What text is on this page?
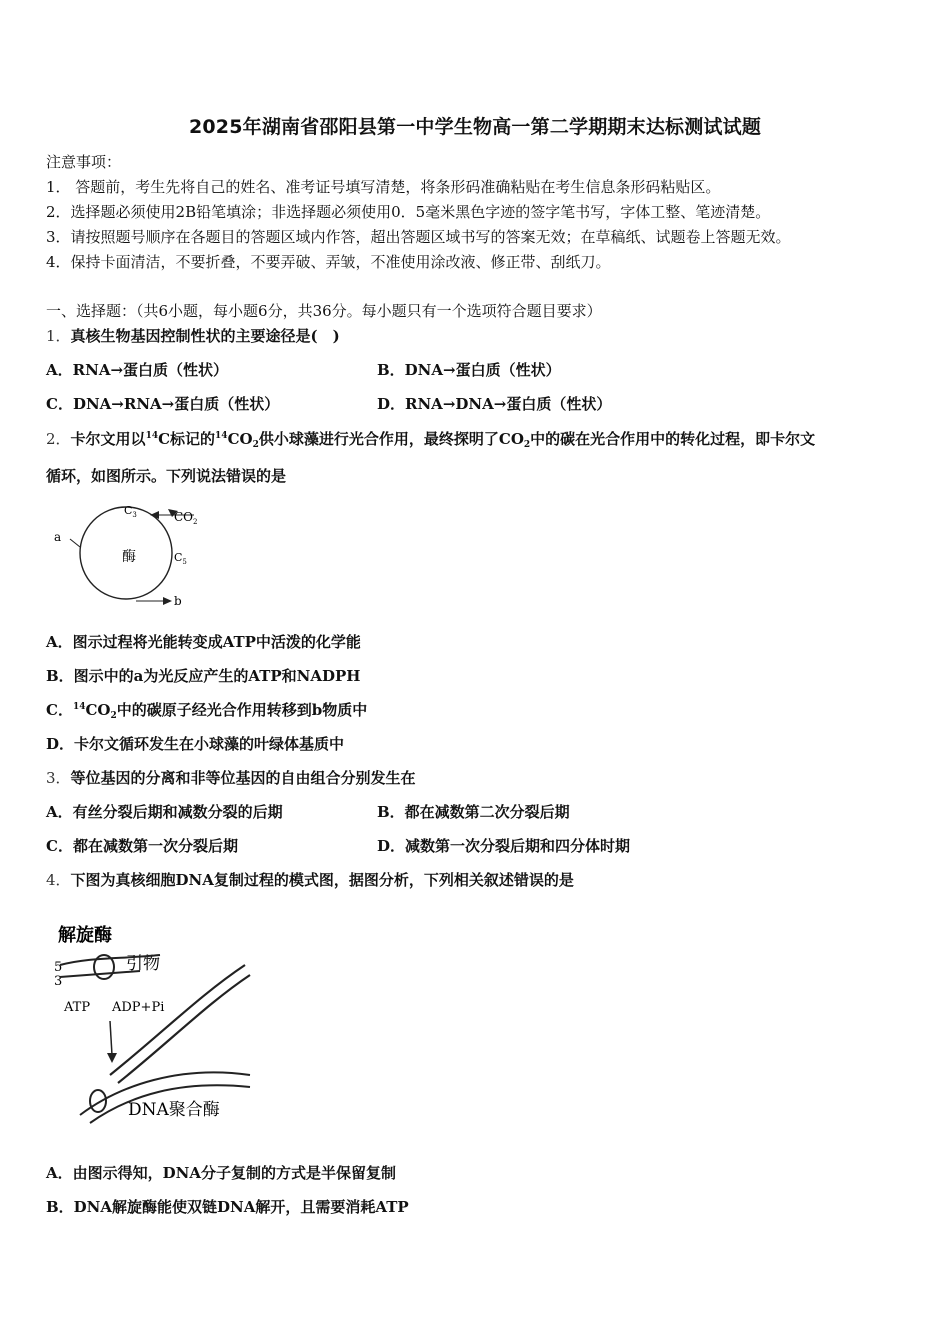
2025年湖南省邵阳县第一中学生物高一第二学期期末达标测试试题
注意事项：
1． 答题前，考生先将自己的姓名、准考证号填写清楚，将条形码准确粘贴在考生信息条形码粘贴区。
2．选择题必须使用2B铅笔填涂；非选择题必须使用0．5毫米黑色字迹的签字笔书写，字体工整、笔迹清楚。
3．请按照题号顺序在各题目的答题区域内作答，超出答题区域书写的答案无效；在草稿纸、试题卷上答题无效。
4．保持卡面清洁，不要折叠，不要弄破、弄皱，不准使用涂改液、修正带、刮纸刀。
一、选择题：（共6小题，每小题6分，共36分。每小题只有一个选项符合题目要求）
1．真核生物基因控制性状的主要途径是(　)
A．RNA→蛋白质（性状）	B．DNA→蛋白质（性状）
C．DNA→RNA→蛋白质（性状）	D．RNA→DNA→蛋白质（性状）
2．卡尔文用以$^{14}$C标记的$^{14}CO_2$供小球藻进行光合作用，最终探明了$CO_2$中的碳在光合作用中的转化过程，即卡尔文
循环，如图所示。下列说法错误的是
$C_3$	$CO_2$
a
酶	$C_5$
b
A．图示过程将光能转变成ATP中活泼的化学能
B．图示中的a为光反应产生的ATP和NADPH
C．$^{14}CO_2$中的碳原子经光合作用转移到b物质中
D．卡尔文循环发生在小球藻的叶绿体基质中
3．等位基因的分离和非等位基因的自由组合分别发生在
A．有丝分裂后期和减数分裂的后期	B．都在减数第二次分裂后期
C．都在减数第一次分裂后期	D．减数第一次分裂后期和四分体时期
4．下图为真核细胞DNA复制过程的模式图，据图分析，下列相关叙述错误的是
解旋酶
5
3
引物
ATP ADP+Pi
DNA聚合酶
A．由图示得知，DNA分子复制的方式是半保留复制
B．DNA解旋酶能使双链DNA解开，且需要消耗ATP
